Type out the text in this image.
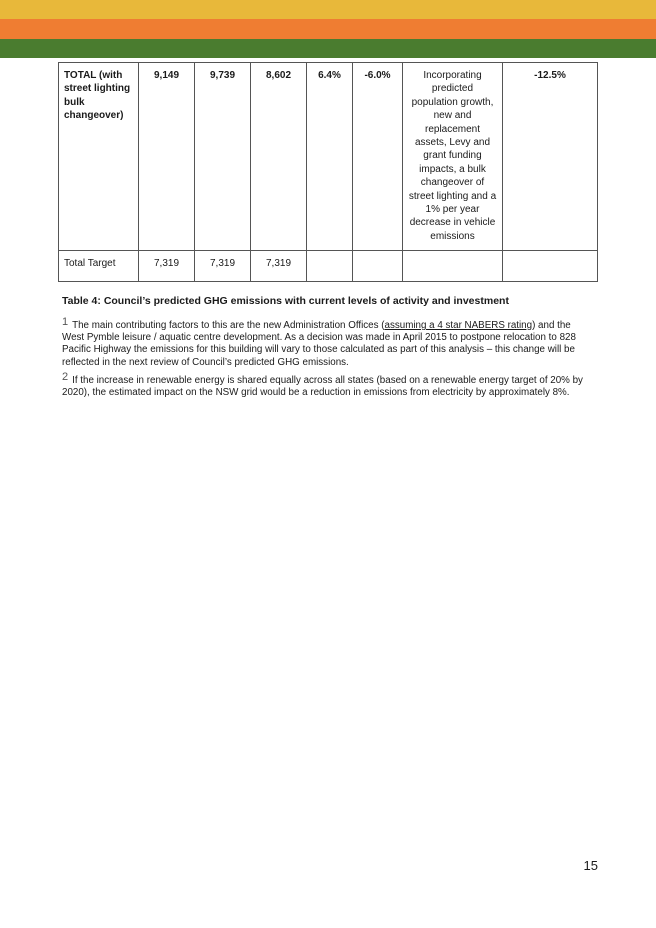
TOTAL (with street lighting bulk changeover)	9,149	9,739	8,602	6.4%	-6.0%	Incorporating predicted population growth, new and replacement assets, Levy and grant funding impacts, a bulk changeover of street lighting and a 1% per year decrease in vehicle emissions	-12.5%
Total Target	7,319	7,319	7,319				
Table 4: Council’s predicted GHG emissions with current levels of activity and investment

1 The main contributing factors to this are the new Administration Offices (assuming a 4 star NABERS rating) and the West Pymble leisure / aquatic centre development. As a decision was made in April 2015 to postpone relocation to 828 Pacific Highway the emissions for this building will vary to those calculated as part of this analysis – this change will be reflected in the next review of Council’s predicted GHG emissions.

2 If the increase in renewable energy is shared equally across all states (based on a renewable energy target of 20% by 2020), the estimated impact on the NSW grid would be a reduction in emissions from electricity by approximately 8%.

15
